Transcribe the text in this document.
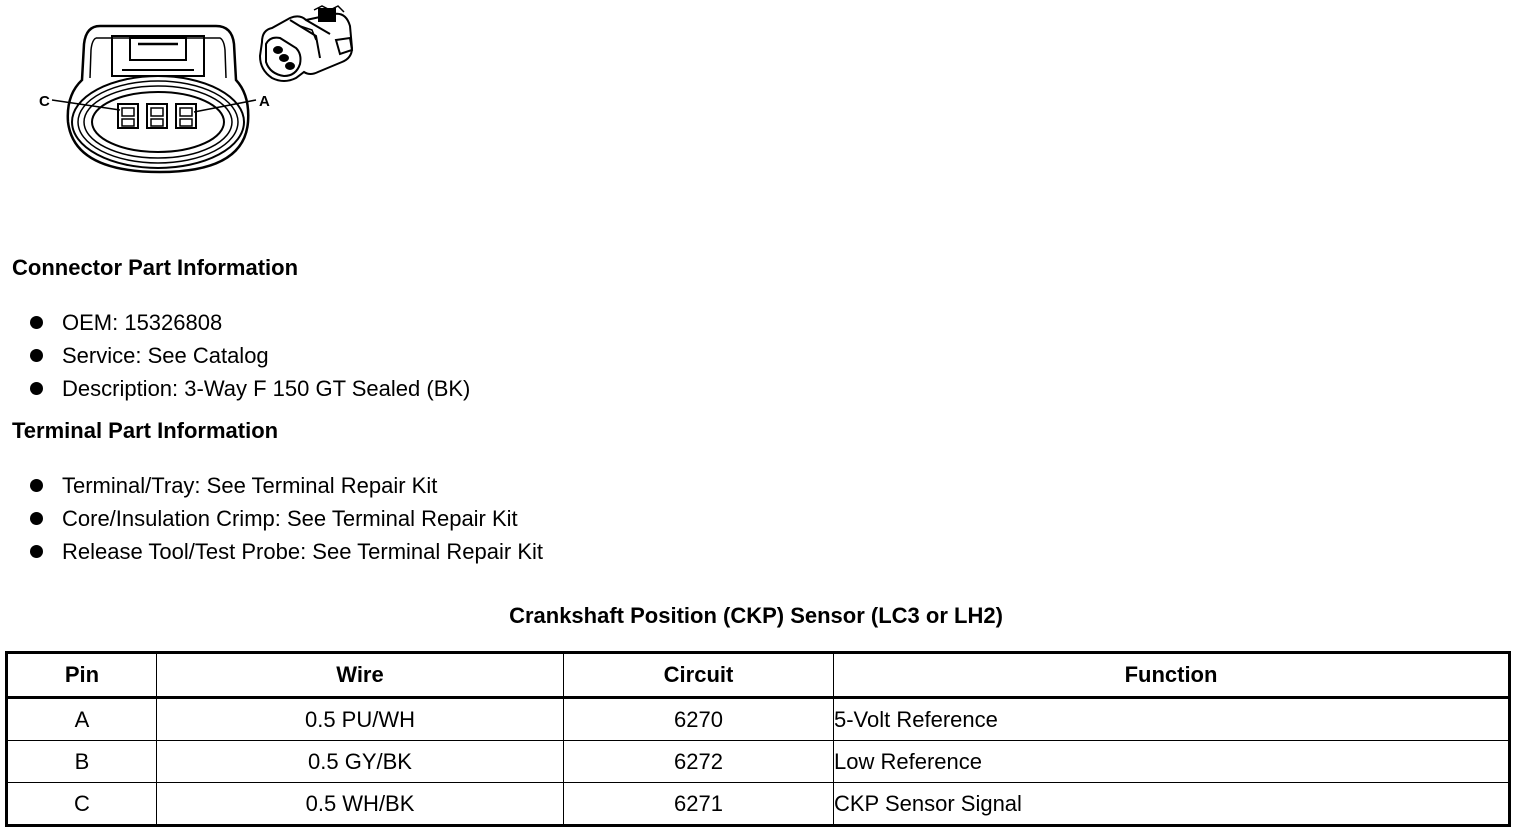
C	A
Connector Part Information
OEM: 15326808
Service: See Catalog
Description: 3-Way F 150 GT Sealed (BK)
Terminal Part Information
Terminal/Tray: See Terminal Repair Kit
Core/Insulation Crimp: See Terminal Repair Kit
Release Tool/Test Probe: See Terminal Repair Kit
Crankshaft Position (CKP) Sensor (LC3 or LH2)
Pin	Wire	Circuit	Function
A	0.5 PU/WH	6270	5-Volt Reference
B	0.5 GY/BK	6272	Low Reference
C	0.5 WH/BK	6271	CKP Sensor Signal
